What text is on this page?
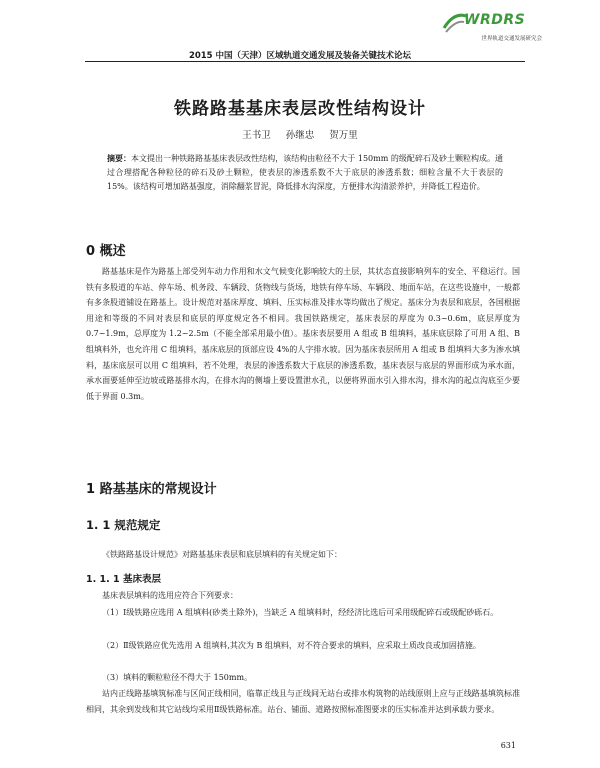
WRDRS
世界轨道交通发展研究会
2015 中国（天津）区域轨道交通发展及装备关键技术论坛
铁路路基基床表层改性结构设计
王书卫 孙继忠 贺万里
摘要：本文提出一种铁路路基基床表层改性结构，该结构由粒径不大于 150mm 的级配碎石及砂土颗粒构成。通过合理搭配各种粒径的碎石及砂土颗粒，使表层的渗透系数不大于底层的渗透系数；细粒含量不大于表层的 15%。该结构可增加路基强度，消除翻浆冒泥，降低排水沟深度，方便排水沟清淤养护，并降低工程造价。
0 概述
路基基床是作为路基上部受列车动力作用和水文气候变化影响较大的土层，其状态直接影响列车的安全、平稳运行。国铁有多股道的车站、停车场、机务段、车辆段、货物线与货场，地铁有停车场、车辆段、地面车站，在这些设施中，一般都有多条股道铺设在路基上。设计规范对基床厚度、填料、压实标准及排水等均做出了规定。基床分为表层和底层，各国根据用途和等级的不同对表层和底层的厚度规定各不相同。我国铁路规定，基床表层的厚度为 0.3~0.6m，底层厚度为 0.7~1.9m，总厚度为 1.2~2.5m（不能全部采用最小值）。基床表层要用 A 组或 B 组填料，基床底层除了可用 A 组、B 组填料外，也允许用 C 组填料，基床底层的顶部应设 4%的人字排水坡。因为基床表层所用 A 组或 B 组填料大多为渗水填料，基床底层可以用 C 组填料，若不处理，表层的渗透系数大于底层的渗透系数，基床表层与底层的界面形成为承水面，承水面要延伸至边坡或路基排水沟，在排水沟的侧墙上要设置泄水孔，以便将界面水引入排水沟，排水沟的起点沟底至少要低于界面 0.3m。
1 路基基床的常规设计
1. 1 规范规定
《铁路路基设计规范》对路基基床表层和底层填料的有关规定如下：
1. 1. 1 基床表层
基床表层填料的选用应符合下列要求：
（1）Ⅰ级铁路应选用 A 组填料(砂类土除外)，当缺乏 A 组填料时，经经济比选后可采用级配碎石或级配砂砾石。
（2）Ⅱ级铁路应优先选用 A 组填料,其次为 B 组填料，对不符合要求的填料，应采取土质改良或加固措施。
（3）填料的颗粒粒径不得大于 150mm。
站内正线路基填筑标准与区间正线相同，临靠正线且与正线间无站台或排水构筑物的站线原则上应与正线路基填筑标准相同，其余到发线和其它站线均采用Ⅱ级铁路标准。站台、铺面、道路按照标准图要求的压实标准并达到承载力要求。
631
